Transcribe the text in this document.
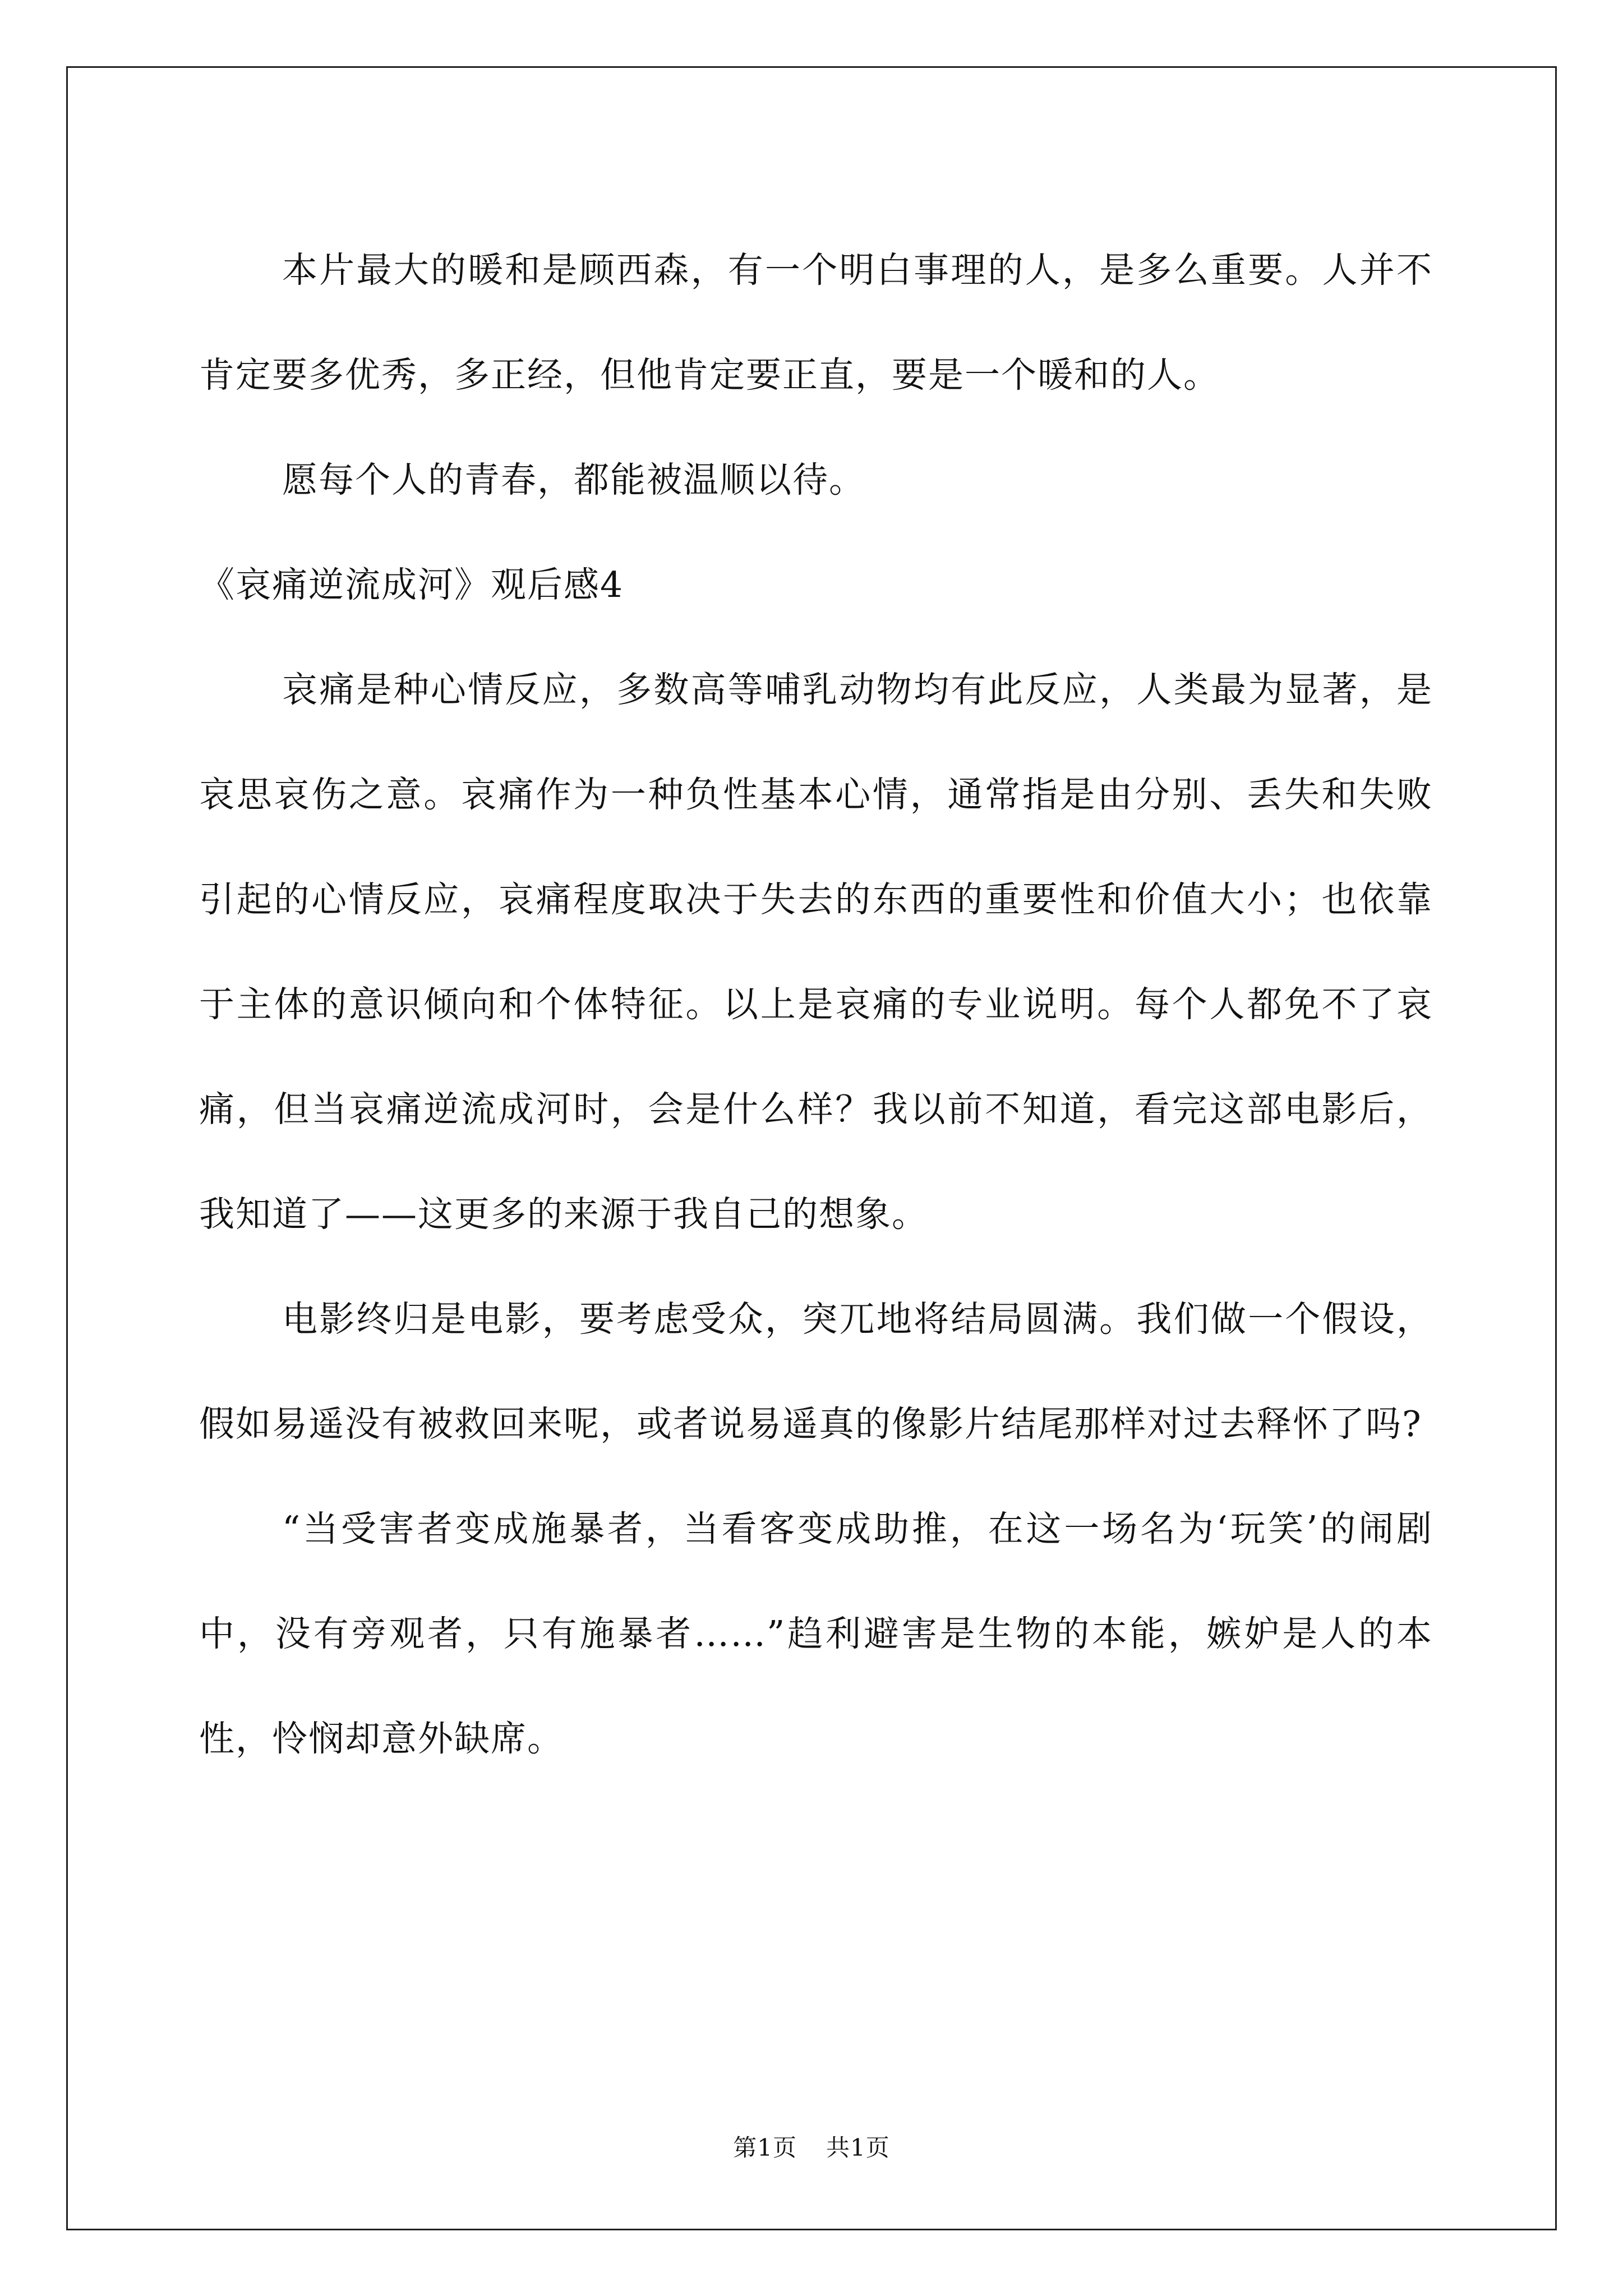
本片最大的暖和是顾西森，有一个明白事理的人，是多么重要。人并不肯定要多优秀，多正经，但他肯定要正直，要是一个暖和的人。

愿每个人的青春，都能被温顺以待。

《哀痛逆流成河》观后感4

哀痛是种心情反应，多数高等哺乳动物均有此反应，人类最为显著，是哀思哀伤之意。哀痛作为一种负性基本心情，通常指是由分别、丢失和失败引起的心情反应，哀痛程度取决于失去的东西的重要性和价值大小；也依靠于主体的意识倾向和个体特征。以上是哀痛的专业说明。每个人都免不了哀痛，但当哀痛逆流成河时，会是什么样？我以前不知道，看完这部电影后，我知道了——这更多的来源于我自己的想象。

电影终归是电影，要考虑受众，突兀地将结局圆满。我们做一个假设，假如易遥没有被救回来呢，或者说易遥真的像影片结尾那样对过去释怀了吗?

“当受害者变成施暴者，当看客变成助推，在这一场名为‘玩笑’的闹剧中，没有旁观者，只有施暴者……”趋利避害是生物的本能，嫉妒是人的本性，怜悯却意外缺席。

第1页 共1页
